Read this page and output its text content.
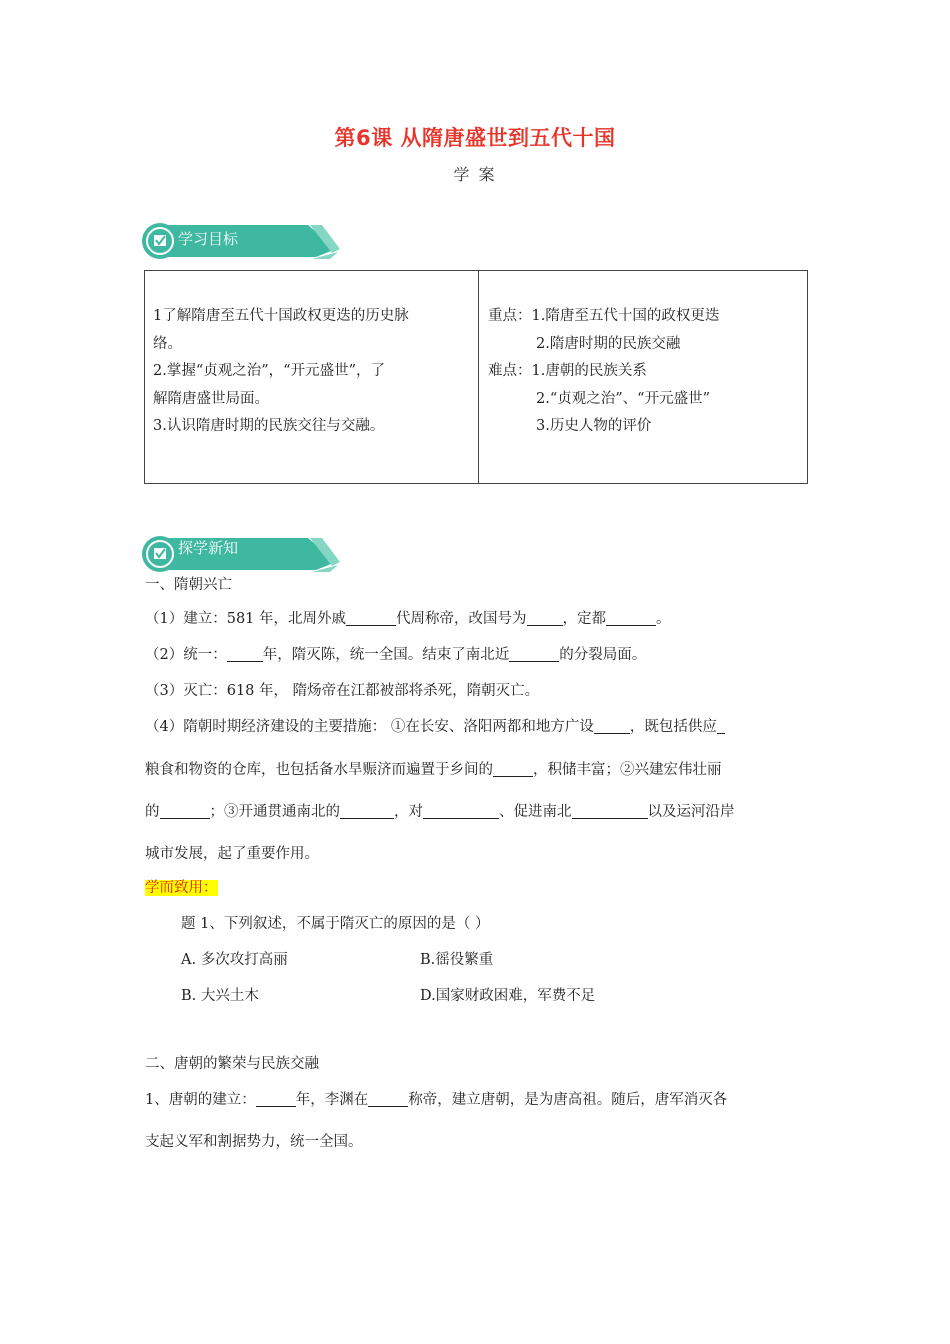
第6课 从隋唐盛世到五代十国
学 案
学习目标
1了解隋唐至五代十国政权更迭的历史脉
络。
2.掌握“贞观之治”，“开元盛世”，了
解隋唐盛世局面。
3.认识隋唐时期的民族交往与交融。
重点：1.隋唐至五代十国的政权更迭
2.隋唐时期的民族交融
难点：1.唐朝的民族关系
2.“贞观之治”、“开元盛世”
3.历史人物的评价
探学新知
一、隋朝兴亡
（1）建立：581 年，北周外戚	代周称帝，改国号为 ，定都	。
（2）统一： 年，隋灭陈，统一全国。结束了南北近	的分裂局面。
（3）灭亡：618 年， 隋炀帝在江都被部将杀死，隋朝灭亡。
（4）隋朝时期经济建设的主要措施： ①在长安、洛阳两都和地方广设 ，既包括供应
粮食和物资的仓库，也包括备水旱赈济而遍置于乡间的	，积储丰富；②兴建宏伟壮丽
的	；③开通贯通南北的	，对	、促进南北	以及运河沿岸
城市发展，起了重要作用。
学而致用：
题 1、下列叙述，不属于隋灭亡的原因的是（ ）
A. 多次攻打高丽	B.徭役繁重
B. 大兴土木	D.国家财政困难，军费不足
二、唐朝的繁荣与民族交融
1、唐朝的建立：	年，李渊在	称帝，建立唐朝，是为唐高祖。随后，唐军消灭各
支起义军和割据势力，统一全国。
